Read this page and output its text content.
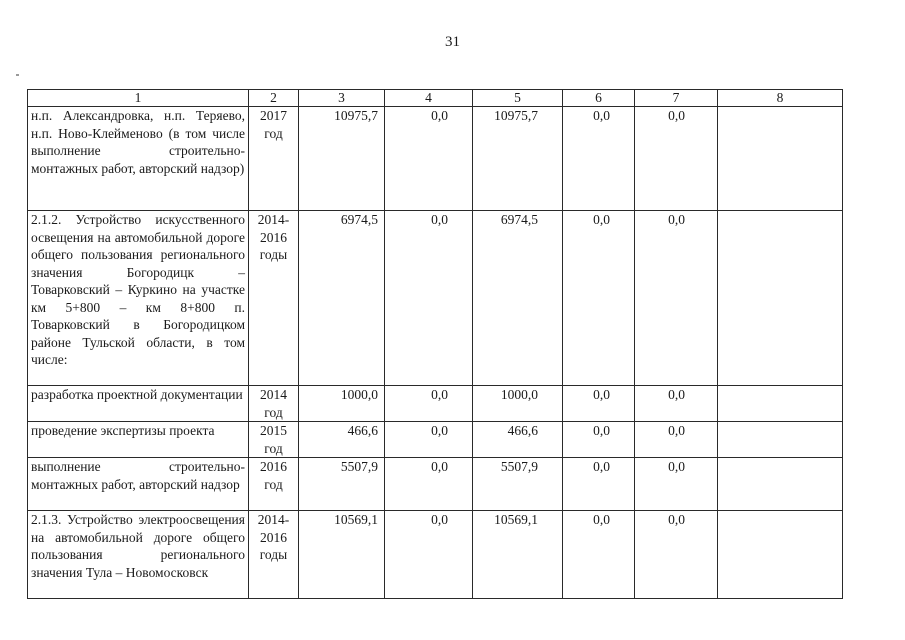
31
1	2	3	4	5	6	7	8
н.п. Александровка, н.п. Теряево, н.п. Ново-Клейменово (в том числе выполнение строительно-монтажных работ, авторский надзор)	2017 год	10975,7	0,0	10975,7	0,0	0,0	
2.1.2. Устройство искусственного освещения на автомобильной дороге общего пользования регионального значения Богородицк – Товарковский – Куркино на участке км 5+800 – км 8+800 п. Товарковский в Богородицком районе Тульской области, в том числе:	2014-2016 годы	6974,5	0,0	6974,5	0,0	0,0	
разработка проектной документации	2014 год	1000,0	0,0	1000,0	0,0	0,0	
проведение экспертизы проекта	2015 год	466,6	0,0	466,6	0,0	0,0	
выполнение строительно-монтажных работ, авторский надзор	2016 год	5507,9	0,0	5507,9	0,0	0,0	
2.1.3. Устройство электроосвещения на автомобильной дороге общего пользования регионального значения Тула – Новомосковск	2014-2016 годы	10569,1	0,0	10569,1	0,0	0,0	
